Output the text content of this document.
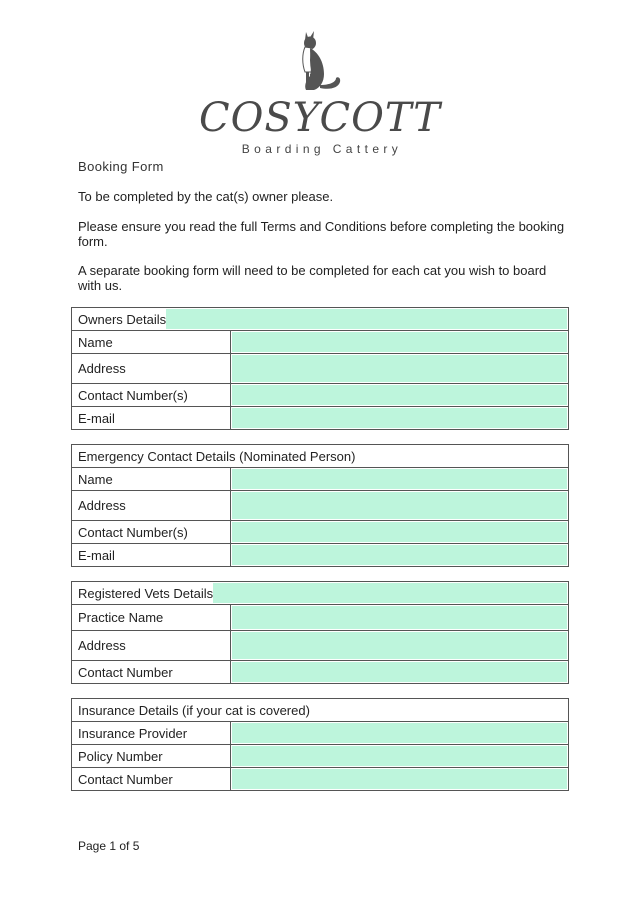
COSYCOTT
Boarding Cattery
Booking Form
To be completed by the cat(s) owner please.
Please ensure you read the full Terms and Conditions before completing the booking form.
A separate booking form will need to be completed for each cat you wish to board with us.
Owners Details
Name
Address
Contact Number(s)
E-mail
Emergency Contact Details (Nominated Person)
Name
Address
Contact Number(s)
E-mail
Registered Vets Details
Practice Name
Address
Contact Number
Insurance Details (if your cat is covered)
Insurance Provider
Policy Number
Contact Number
Page 1 of 5
